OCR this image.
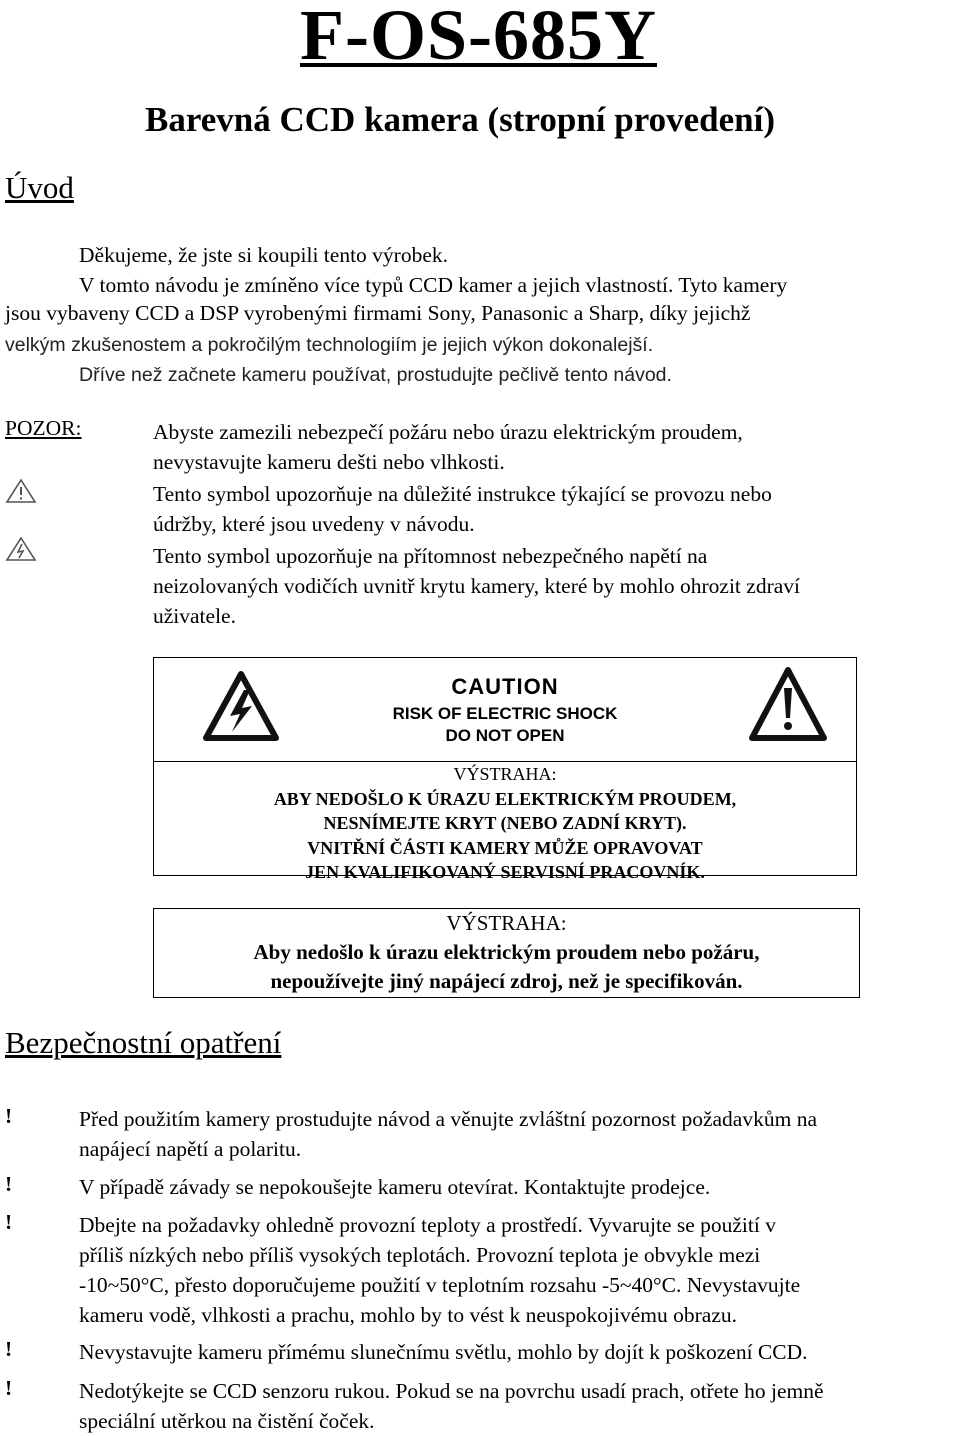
F-OS-685Y
Barevná CCD kamera (stropní provedení)
Úvod
Děkujeme, že jste si koupili tento výrobek.
V tomto návodu je zmíněno více typů CCD kamer a jejich vlastností. Tyto kamery
jsou vybaveny CCD a DSP vyrobenými firmami Sony, Panasonic a Sharp, díky jejichž
velkým zkušenostem a pokročilým technologiím je jejich výkon dokonalejší.
Dříve než začnete kameru používat, prostudujte pečlivě tento návod.
POZOR:	Abyste zamezili nebezpečí požáru nebo úrazu elektrickým proudem,
nevystavujte kameru dešti nebo vlhkosti.
Tento symbol upozorňuje na důležité instrukce týkající se provozu nebo
údržby, které jsou uvedeny v návodu.
Tento symbol upozorňuje na přítomnost nebezpečného napětí na
neizolovaných vodičích uvnitř krytu kamery, které by mohlo ohrozit zdraví
uživatele.
CAUTION
RISK OF ELECTRIC SHOCK
DO NOT OPEN
VÝSTRAHA:
ABY NEDOŠLO K ÚRAZU ELEKTRICKÝM PROUDEM,
NESNÍMEJTE KRYT (NEBO ZADNÍ KRYT).
VNITŘNÍ ČÁSTI KAMERY MŮŽE OPRAVOVAT
JEN KVALIFIKOVANÝ SERVISNÍ PRACOVNÍK.
VÝSTRAHA:
Aby nedošlo k úrazu elektrickým proudem nebo požáru,
nepoužívejte jiný napájecí zdroj, než je specifikován.
Bezpečnostní opatření
!	Před použitím kamery prostudujte návod a věnujte zvláštní pozornost požadavkům na
napájecí napětí a polaritu.
!	V případě závady se nepokoušejte kameru otevírat. Kontaktujte prodejce.
!	Dbejte na požadavky ohledně provozní teploty a prostředí. Vyvarujte se použití v
příliš nízkých nebo příliš vysokých teplotách. Provozní teplota je obvykle mezi
-10~50°C, přesto doporučujeme použití v teplotním rozsahu -5~40°C. Nevystavujte
kameru vodě, vlhkosti a prachu, mohlo by to vést k neuspokojivému obrazu.
!	Nevystavujte kameru přímému slunečnímu světlu, mohlo by dojít k poškození CCD.
!	Nedotýkejte se CCD senzoru rukou. Pokud se na povrchu usadí prach, otřete ho jemně
speciální utěrkou na čistění čoček.
